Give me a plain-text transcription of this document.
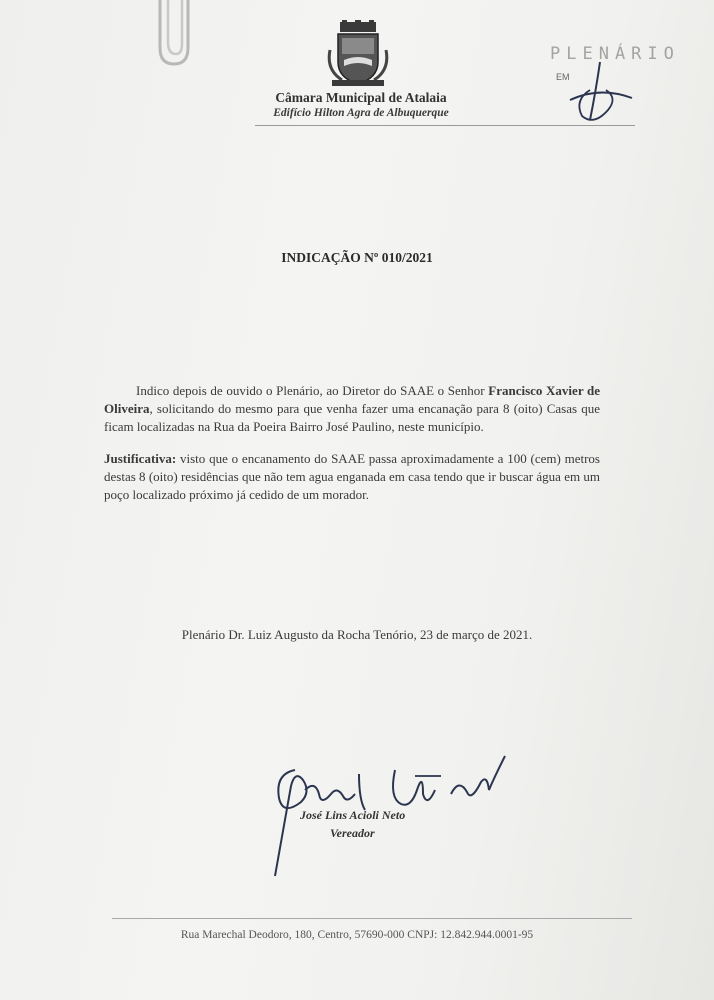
Câmara Municipal de Atalaia
Edifício Hilton Agra de Albuquerque
PLENÁRIO
EM
INDICAÇÃO Nº 010/2021
Indico depois de ouvido o Plenário, ao Diretor do SAAE o Senhor Francisco Xavier de Oliveira, solicitando do mesmo para que venha fazer uma encanação para 8 (oito) Casas que ficam localizadas na Rua da Poeira Bairro José Paulino, neste município.
Justificativa: visto que o encanamento do SAAE passa aproximadamente a 100 (cem) metros destas 8 (oito) residências que não tem agua enganada em casa tendo que ir buscar água em um poço localizado próximo já cedido de um morador.
Plenário Dr. Luiz Augusto da Rocha Tenório, 23 de março de 2021.
José Lins Acioli Neto
Vereador
Rua Marechal Deodoro, 180, Centro, 57690-000 CNPJ: 12.842.944.0001-95
